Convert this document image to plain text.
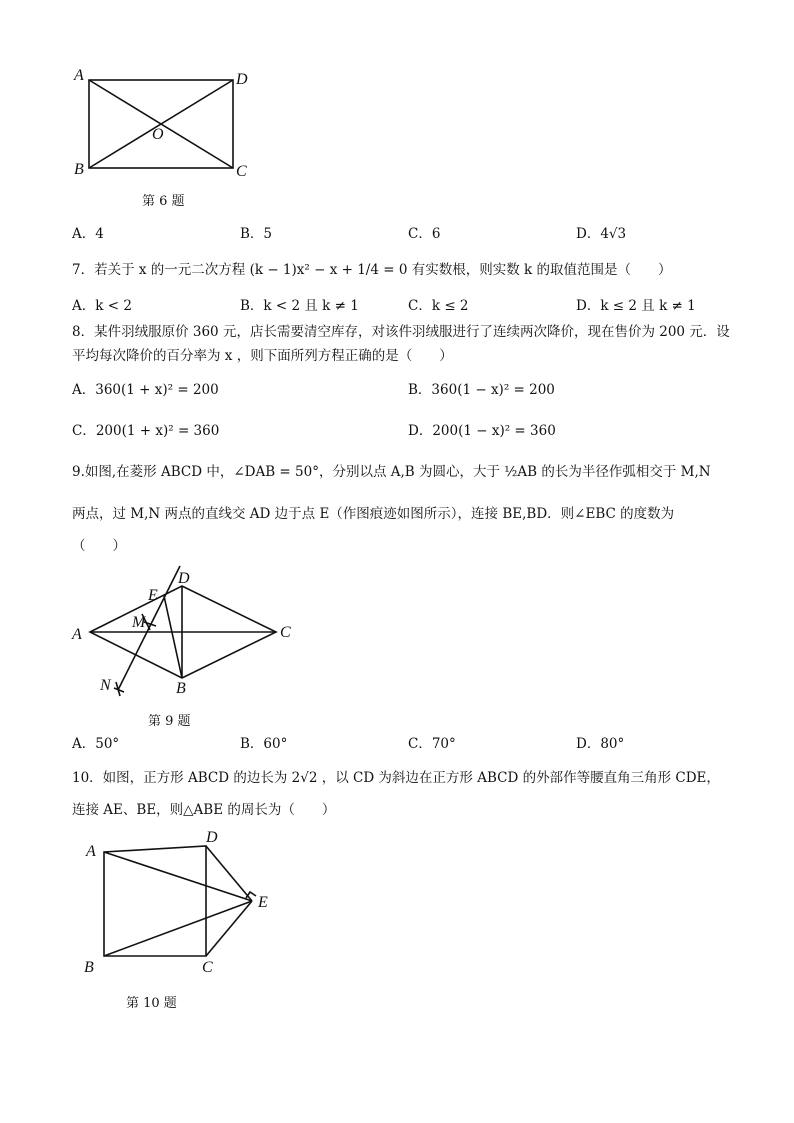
A	D
B	C
O
第 6 题
A．4	B．5	C．6	D．4√3
7．若关于 x 的一元二次方程 (k − 1)x² − x + 1/4 = 0 有实数根，则实数 k 的取值范围是（　　）
A．k < 2	B．k < 2 且 k ≠ 1	C．k ≤ 2	D．k ≤ 2 且 k ≠ 1
8．某件羽绒服原价 360 元，店长需要清空库存，对该件羽绒服进行了连续两次降价，现在售价为 200 元．设
平均每次降价的百分率为 x ，则下面所列方程正确的是（　　）
A．360(1 + x)² = 200	B．360(1 − x)² = 200
C．200(1 + x)² = 360	D．200(1 − x)² = 360
9.如图,在菱形 ABCD 中，∠DAB = 50°，分别以点 A,B 为圆心，大于 ½AB 的长为半径作弧相交于 M,N
两点，过 M,N 两点的直线交 AD 边于点 E（作图痕迹如图所示），连接 BE,BD．则∠EBC 的度数为
（　　）
A	C
D
E
M
N	B
第 9 题
A．50°	B．60°	C．70°	D．80°
10．如图，正方形 ABCD 的边长为 2√2 ，以 CD 为斜边在正方形 ABCD 的外部作等腰直角三角形 CDE，
连接 AE、BE，则△ABE 的周长为（　　）
A
D
E
B	C
第 10 题
